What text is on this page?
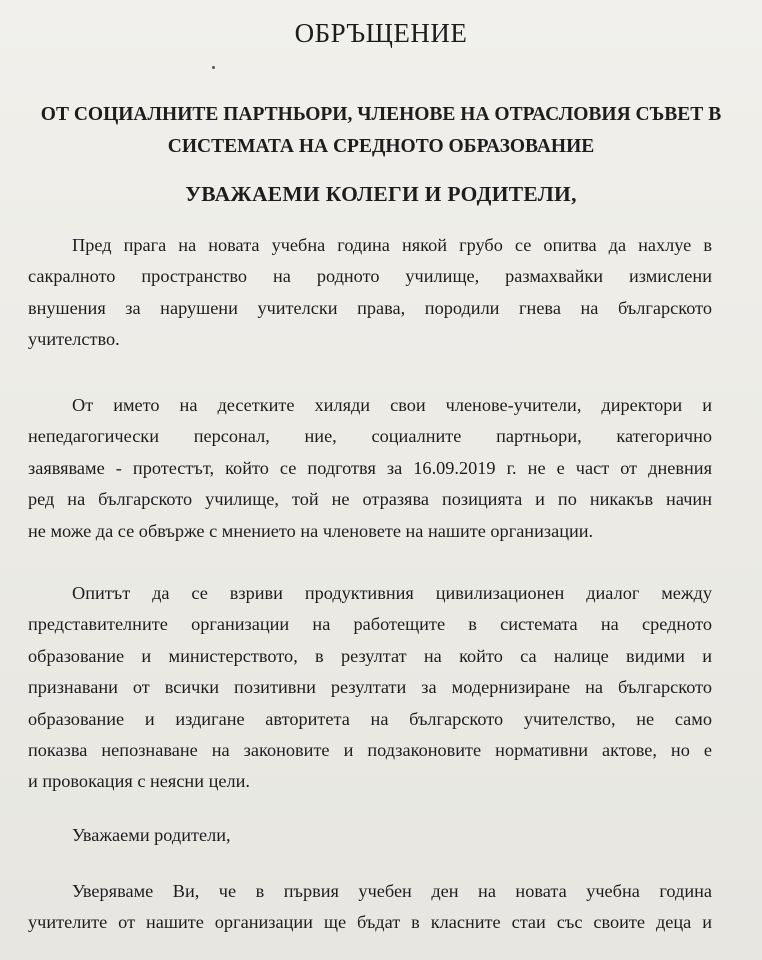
ОБРЪЩЕНИЕ
ОТ СОЦИАЛНИТЕ ПАРТНЬОРИ, ЧЛЕНОВЕ НА ОТРАСЛОВИЯ СЪВЕТ В
СИСТЕМАТА НА СРЕДНОТО ОБРАЗОВАНИЕ
УВАЖАЕМИ КОЛЕГИ И РОДИТЕЛИ,

Пред прага на новата учебна година някой грубо се опитва да нахлуе в
сакралното пространство на родното училище, размахвайки измислени
внушения за нарушени учителски права, породили гнева на българското
учителство.

От името на десетките хиляди свои членове-учители, директори и
непедагогически персонал, ние, социалните партньори, категорично
заявяваме - протестът, който се подготвя за 16.09.2019 г. не е част от дневния
ред на българското училище, той не отразява позицията и по никакъв начин
не може да се обвърже с мнението на членовете на нашите организации.

Опитът да се взриви продуктивния цивилизационен диалог между
представителните организации на работещите в системата на средното
образование и министерството, в резултат на който са налице видими и
признавани от всички позитивни резултати за модернизиране на българското
образование и издигане авторитета на българското учителство, не само
показва непознаване на законовите и подзаконовите нормативни актове, но е
и провокация с неясни цели.

Уважаеми родители,

Уверяваме Ви, че в първия учебен ден на новата учебна година
учителите от нашите организации ще бъдат в класните стаи със своите деца и
